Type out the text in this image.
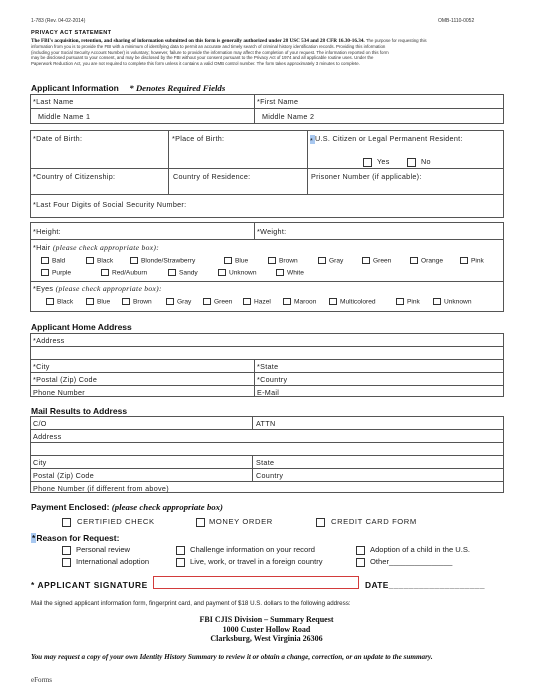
1-783 (Rev. 04-02-2014)	OMB-1110-0052
PRIVACY ACT STATEMENT
The FBI's acquisition, retention, and sharing of information submitted on this form is generally authorized under 28 USC 534 and 28 CFR 16.30-16.34. The purpose for requesting this
information from you is to provide the FBI with a minimum of identifying data to permit an accurate and timely search of criminal history identification records. Providing this information
(including your Social Security Account Number) is voluntary; however, failure to provide the information may affect the completion of your request. The information reported on this form
may be disclosed pursuant to your consent, and may be disclosed by the FBI without your consent pursuant to the Privacy Act of 1974 and all applicable routine uses. Under the
Paperwork Reduction Act, you are not required to complete this form unless it contains a valid OMB control number. The form takes approximately 3 minutes to complete.
Applicant Information * Denotes Required Fields
*Last Name	*First Name
Middle Name 1	Middle Name 2
*Date of Birth:	*Place of Birth:	* U.S. Citizen or Legal Permanent Resident:
Yes	No
*Country of Citizenship:	Country of Residence:	Prisoner Number (if applicable):
*Last Four Digits of Social Security Number:
*Height:	*Weight:
*Hair (please check appropriate box):
Bald	Black	Blonde/Strawberry	Blue	Brown	Gray	Green	Orange	Pink
Purple	Red/Auburn	Sandy	Unknown	White
*Eyes (please check appropriate box):
Black	Blue	Brown	Gray	Green	Hazel	Maroon	Multicolored	Pink	Unknown
Applicant Home Address
*Address
*City	*State
*Postal (Zip) Code	*Country
Phone Number	E-Mail
Mail Results to Address
C/O	ATTN
Address
City	State
Postal (Zip) Code	Country
Phone Number (if different from above)
Payment Enclosed: (please check appropriate box)
CERTIFIED CHECK	MONEY ORDER	CREDIT CARD FORM
*Reason for Request:
Personal review	Challenge information on your record	Adoption of a child in the U.S.
International adoption	Live, work, or travel in a foreign country	Other_______________
* APPLICANT SIGNATURE	DATE___________________
Mail the signed applicant information form, fingerprint card, and payment of $18 U.S. dollars to the following address:
FBI CJIS Division – Summary Request
1000 Custer Hollow Road
Clarksburg, West Virginia 26306
You may request a copy of your own Identity History Summary to review it or obtain a change, correction, or an update to the summary.
eForms
